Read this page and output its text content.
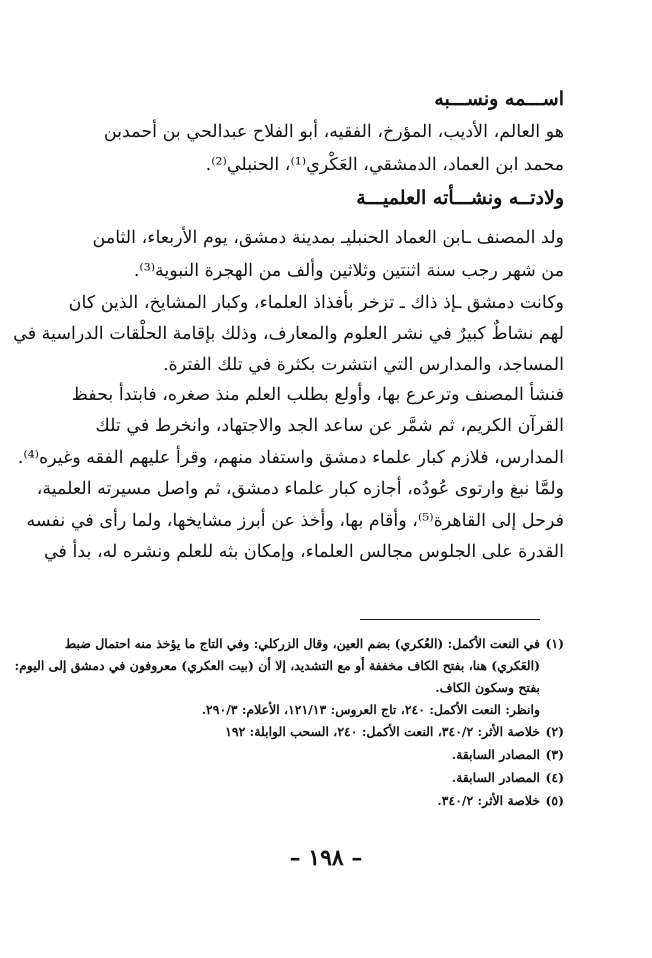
اســـمه ونســـبه
هو العالم، الأديب، المؤرخ، الفقيه، أبو الفلاح عبدالحي بن أحمدبن
محمد ابن العماد، الدمشقي، العَكْري⁽¹⁾، الحنبلي⁽²⁾.
ولادتــه ونشـــأته العلميـــة
ولد المصنف ـابن العماد الحنبليـ بمدينة دمشق، يوم الأربعاء، الثامن
من شهر رجب سنة اثنتين وثلاثين وألف من الهجرة النبوية⁽³⁾.
وكانت دمشق ـإذ ذاك ـ تزخر بأفذاذ العلماء، وكبار المشايخ، الذين كان
لهم نشاطٌ كبيرٌ في نشر العلوم والمعارف، وذلك بإقامة الحلْقات الدراسية في
المساجد، والمدارس التي انتشرت بكثرة في تلك الفترة.
فنشأ المصنف وترعرع بها، وأولع بطلب العلم منذ صغره، فابتدأ بحفظ
القرآن الكريم، ثم شمَّر عن ساعد الجد والاجتهاد، وانخرط في تلك
المدارس، فلازم كبار علماء دمشق واستفاد منهم، وقرأ عليهم الفقه وغيره⁽⁴⁾.
ولمَّا نبغ وارتوى عُودُه، أجازه كبار علماء دمشق، ثم واصل مسيرته العلمية،
فرحل إلى القاهرة⁽⁵⁾، وأقام بها، وأخذ عن أبرز مشايخها، ولما رأى في نفسه
القدرة على الجلوس مجالس العلماء، وإمكان بثه للعلم ونشره له، بدأ في
(١)في النعت الأكمل: (العُكري) بضم العين، وقال الزركلي: وفي التاج ما يؤخذ منه احتمال ضبط
(العَكري) هنا، بفتح الكاف مخففة أو مع التشديد، إلا أن (بيت العكري) معروفون في دمشق إلى اليوم:
بفتح وسكون الكاف.
وانظر: النعت الأكمل: ٢٤٠، تاج العروس: ١٢١/١٣، الأعلام: ٢٩٠/٣.
(٢)خلاصة الأثر: ٣٤٠/٢، النعت الأكمل: ٢٤٠، السحب الوابلة: ١٩٢
(٣)المصادر السابقة.
(٤)المصادر السابقة.
(٥)خلاصة الأثر: ٣٤٠/٢.
– ١٩٨ –
